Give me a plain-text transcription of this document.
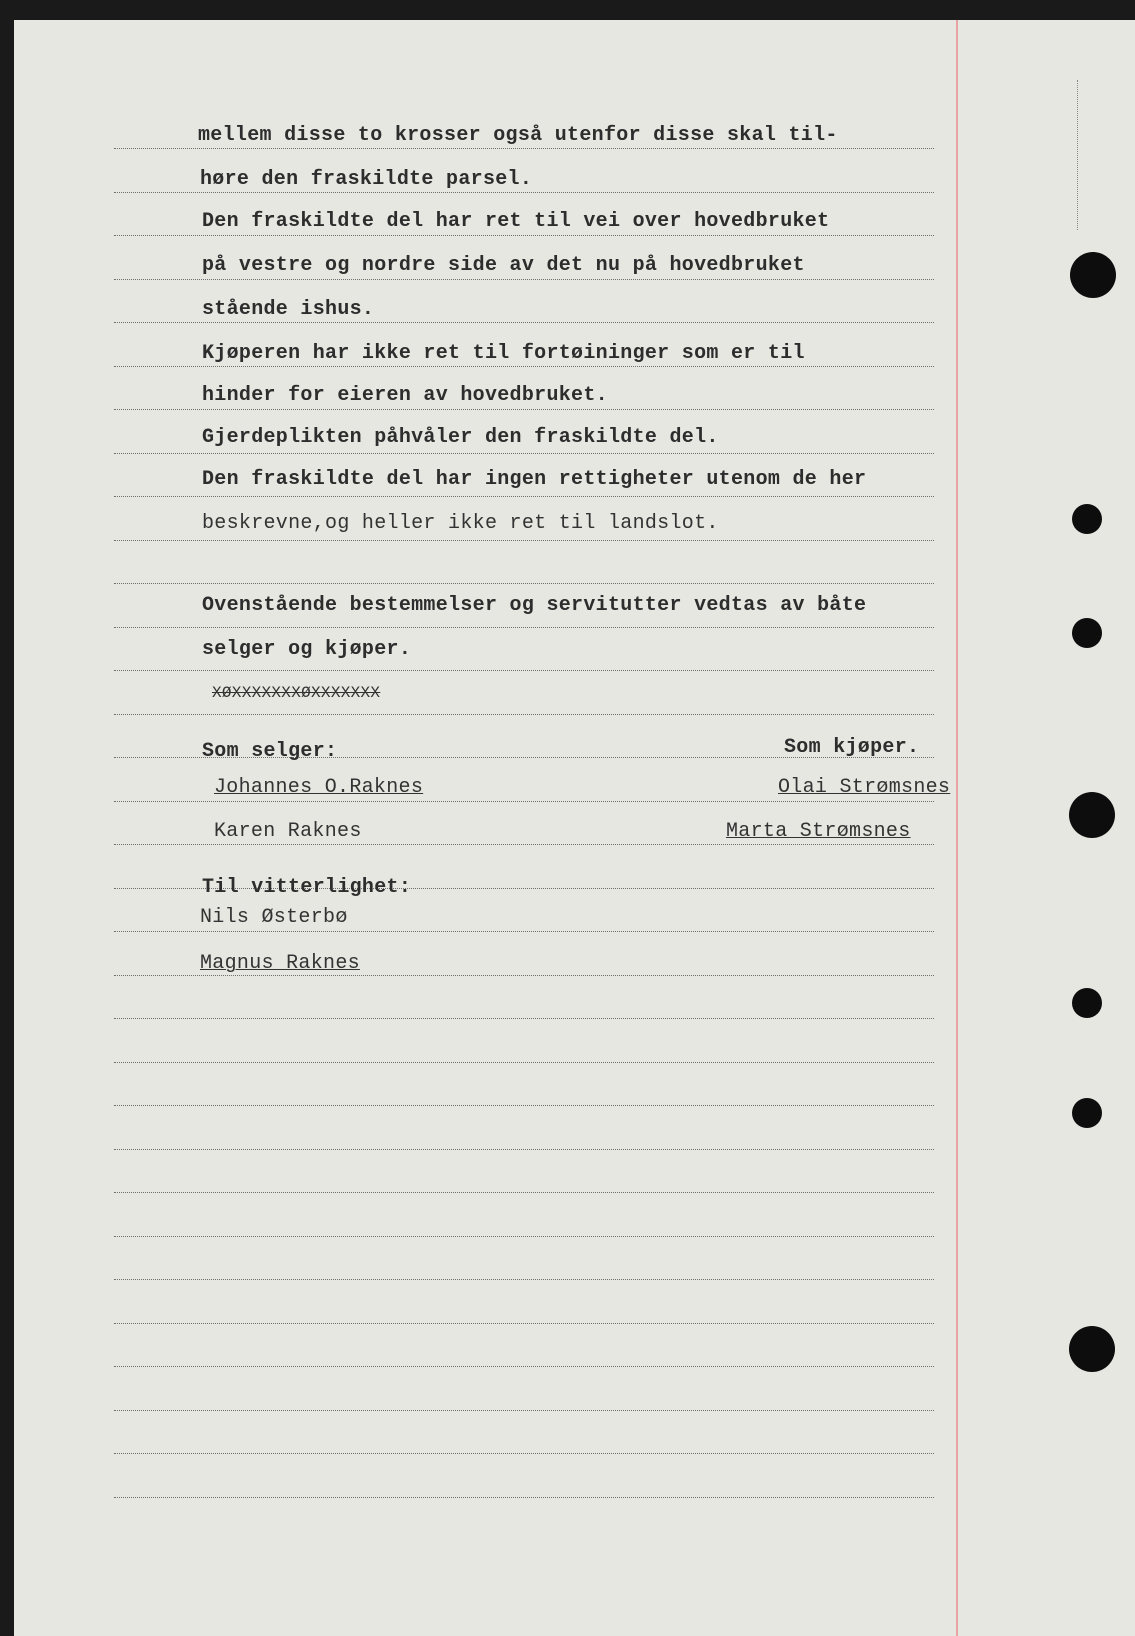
mellem disse to krosser også utenfor disse skal til-
høre den fraskildte parsel.
Den fraskildte del har ret til vei over hovedbruket
på vestre og nordre side av det nu på hovedbruket
stående ishus.
Kjøperen har ikke ret til fortøininger som er til
hinder for eieren av hovedbruket.
Gjerdeplikten påhvåler den fraskildte del.
Den fraskildte del har ingen rettigheter utenom de her
beskrevne,og heller ikke ret til landslot.
Ovenstående bestemmelser og servitutter vedtas av båte
selger og kjøper.
XØXXXXXXXØXXXXXXX
Som selger:	Som kjøper.
Johannes O.Raknes	Olai Strømsnes
Karen Raknes	Marta Strømsnes
Til vitterlighet:
Nils Østerbø
Magnus Raknes
